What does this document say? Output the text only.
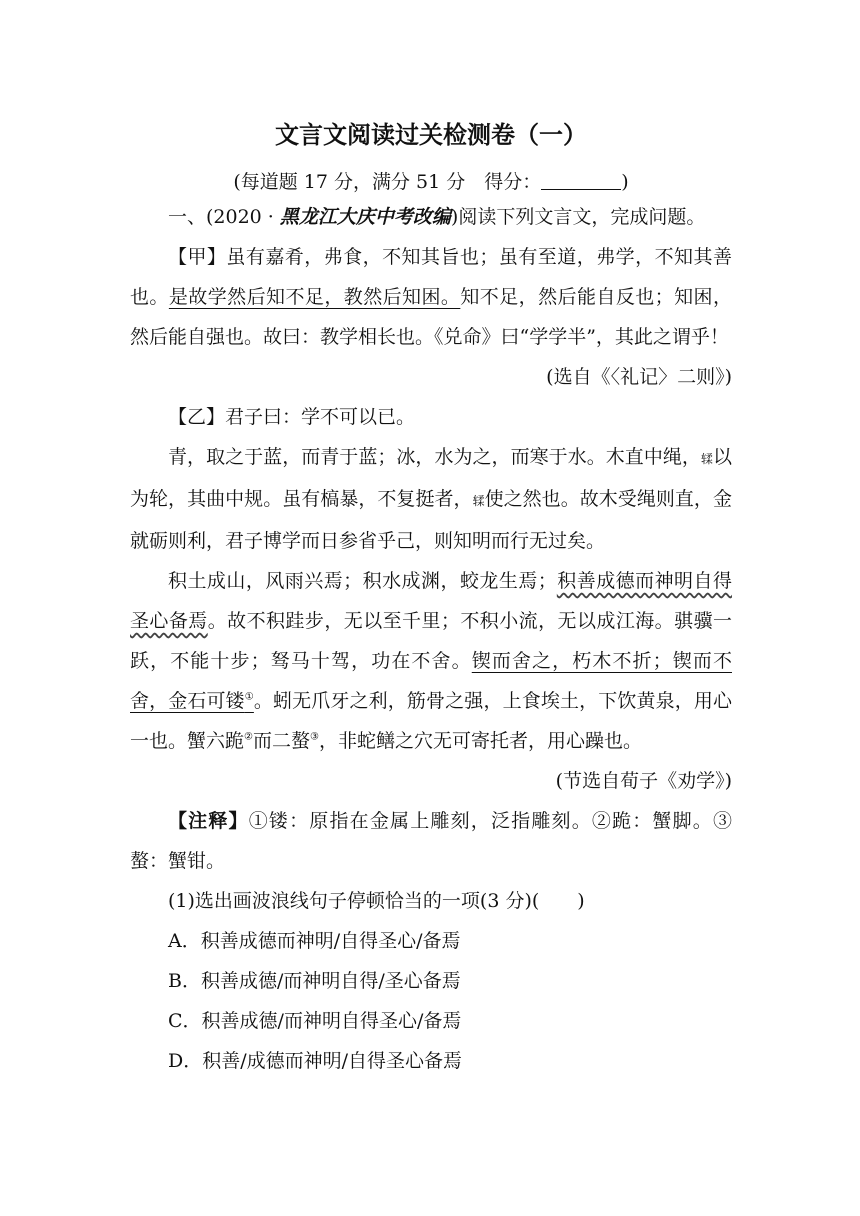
文言文阅读过关检测卷（一）
(每道题 17 分，满分 51 分　得分：	)
一、(2020 · 黑龙江大庆中考改编)阅读下列文言文，完成问题。
【甲】虽有嘉肴，弗食，不知其旨也；虽有至道，弗学，不知其善也。是故学然后知不足，教然后知困。知不足，然后能自反也；知困，然后能自强也。故曰：教学相长也。《兑命》曰“学学半”，其此之谓乎！
(选自《〈礼记〉二则》)
【乙】君子曰：学不可以已。
青，取之于蓝，而青于蓝；冰，水为之，而寒于水。木直中绳，𫐓以为轮，其曲中规。虽有槁暴，不复挺者，𫐓使之然也。故木受绳则直，金就砺则利，君子博学而日参省乎己，则知明而行无过矣。
积土成山，风雨兴焉；积水成渊，蛟龙生焉；积善成德而神明自得圣心备焉。故不积跬步，无以至千里；不积小流，无以成江海。骐骥一跃，不能十步；驽马十驾，功在不舍。锲而舍之，朽木不折；锲而不舍，金石可镂①。蚓无爪牙之利，筋骨之强，上食埃土，下饮黄泉，用心一也。蟹六跪②而二螯③，非蛇鳝之穴无可寄托者，用心躁也。
(节选自荀子《劝学》)
【注释】①镂：原指在金属上雕刻，泛指雕刻。②跪：蟹脚。③螯：蟹钳。
(1)选出画波浪线句子停顿恰当的一项(3 分)(　　)
A．积善成德而神明/自得圣心/备焉
B．积善成德/而神明自得/圣心备焉
C．积善成德/而神明自得圣心/备焉
D．积善/成德而神明/自得圣心备焉
